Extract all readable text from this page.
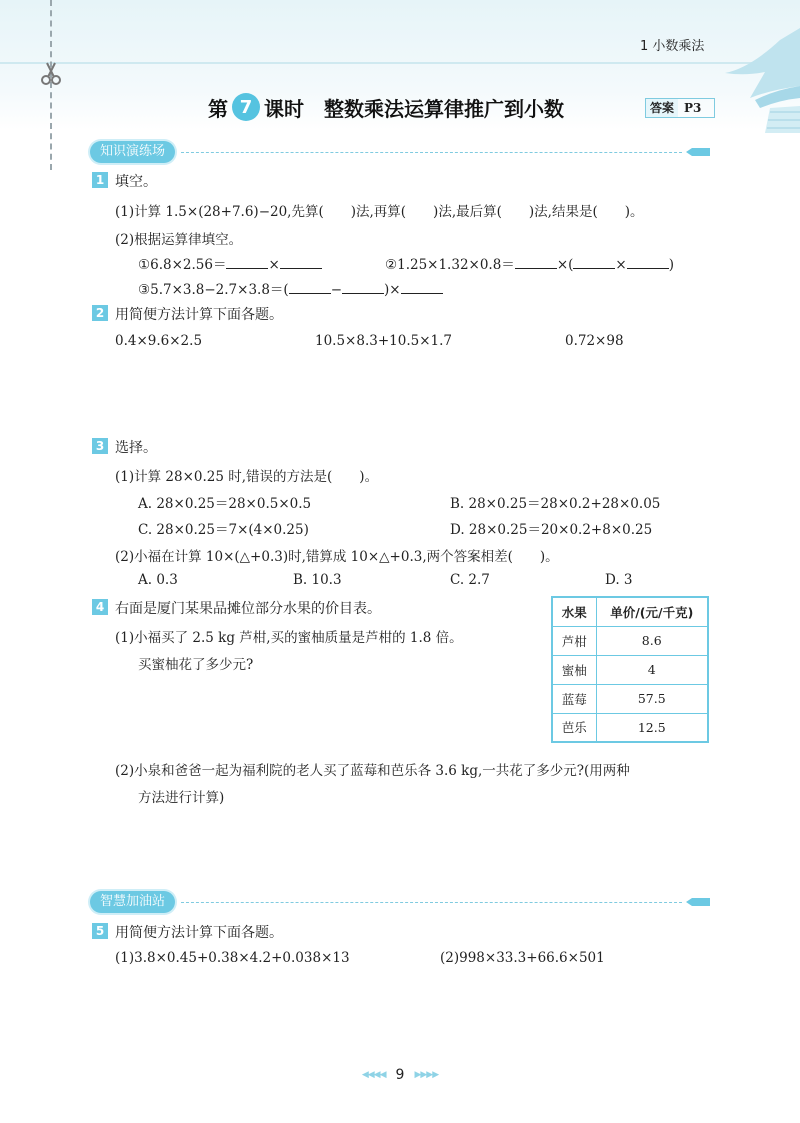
1 小数乘法
第 7 课时 整数乘法运算律推广到小数	答案 P3
知识演练场
1 填空。
(1)计算 1.5×(28+7.6)−20,先算(　　)法,再算(　　)法,最后算(　　)法,结果是(　　)。
(2)根据运算律填空。
①6.8×2.56＝	×	②1.25×1.32×0.8＝	×(	×	)
③5.7×3.8−2.7×3.8＝(	−	)×
2 用简便方法计算下面各题。
0.4×9.6×2.5	10.5×8.3+10.5×1.7	0.72×98
3 选择。
(1)计算 28×0.25 时,错误的方法是(　　)。
A. 28×0.25＝28×0.5×0.5	B. 28×0.25＝28×0.2+28×0.05
C. 28×0.25＝7×(4×0.25)	D. 28×0.25＝20×0.2+8×0.25
(2)小福在计算 10×(△+0.3)时,错算成 10×△+0.3,两个答案相差(　　)。
A. 0.3	B. 10.3	C. 2.7	D. 3
4 右面是厦门某果品摊位部分水果的价目表。
(1)小福买了 2.5 kg 芦柑,买的蜜柚质量是芦柑的 1.8 倍。
买蜜柚花了多少元?
水果	单价/(元/千克)
芦柑	8.6
蜜柚	4
蓝莓	57.5
芭乐	12.5
(2)小泉和爸爸一起为福利院的老人买了蓝莓和芭乐各 3.6 kg,一共花了多少元?(用两种
方法进行计算)
智慧加油站
5 用简便方法计算下面各题。
(1)3.8×0.45+0.38×4.2+0.038×13	(2)998×33.3+66.6×501
◀◀◀◀ 9 ▶▶▶▶
